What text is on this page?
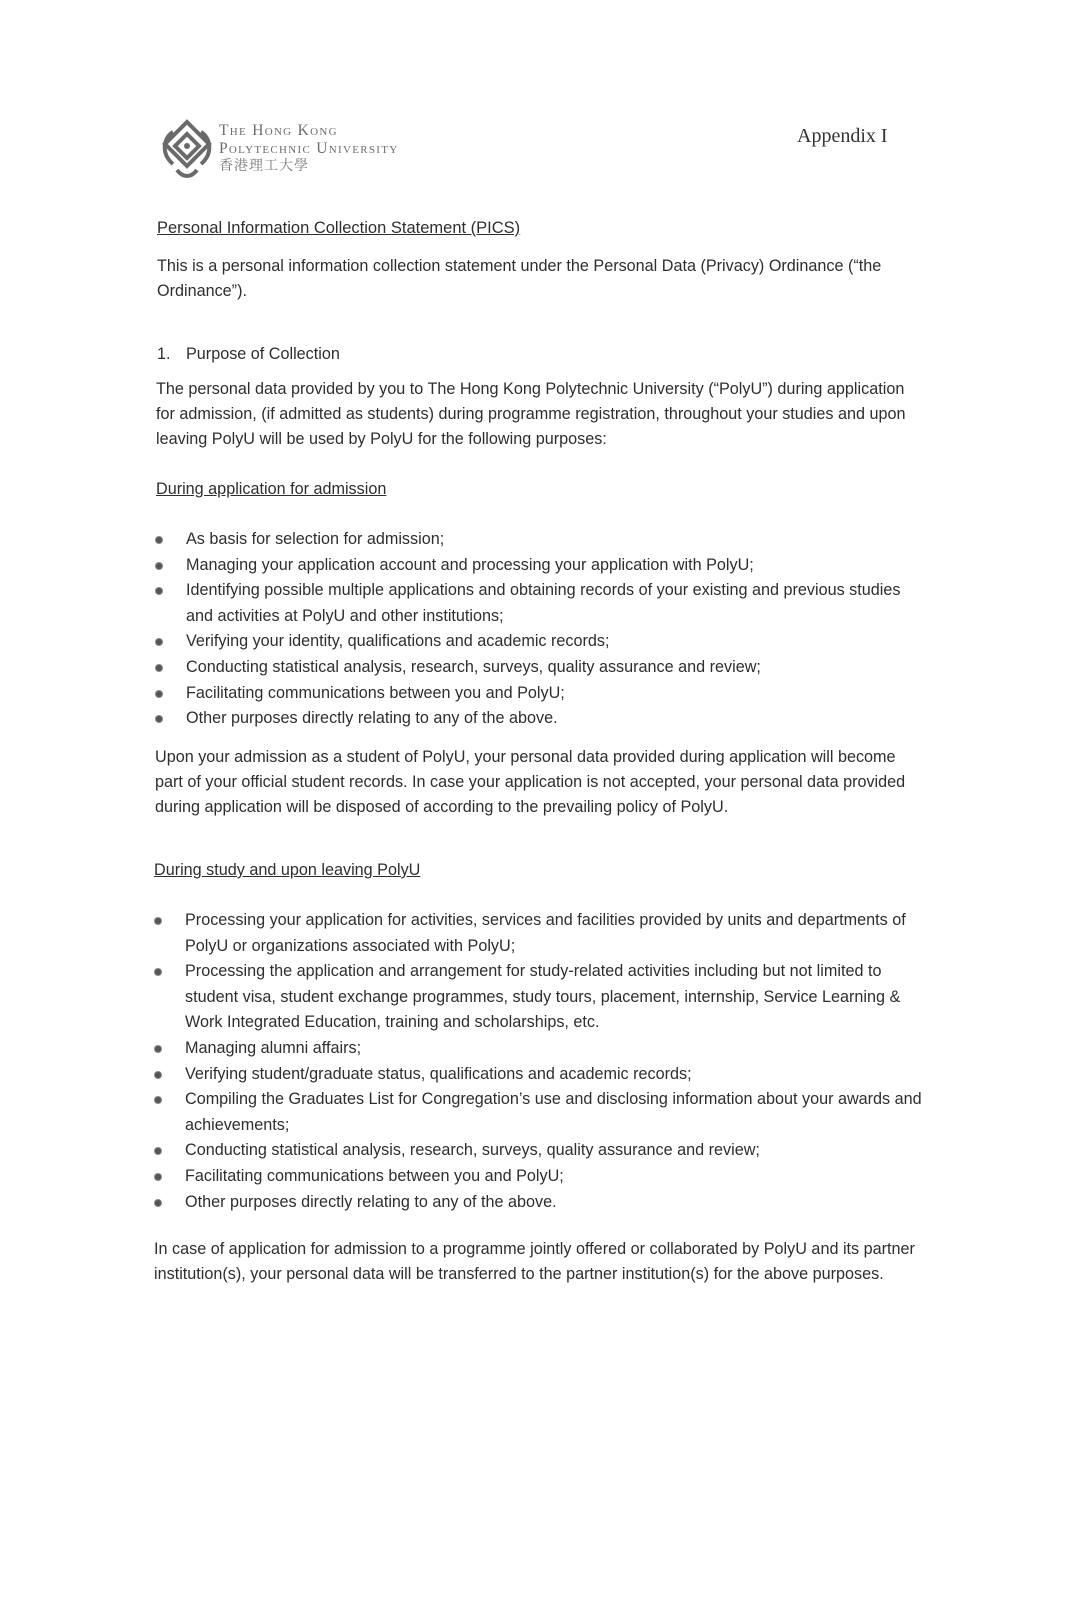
The Hong Kong
Polytechnic University
香港理工大學
Appendix I
Personal Information Collection Statement (PICS)
This is a personal information collection statement under the Personal Data (Privacy) Ordinance (“the Ordinance”).
1. Purpose of Collection
The personal data provided by you to The Hong Kong Polytechnic University (“PolyU”) during application for admission, (if admitted as students) during programme registration, throughout your studies and upon leaving PolyU will be used by PolyU for the following purposes:
During application for admission
As basis for selection for admission;
Managing your application account and processing your application with PolyU;
Identifying possible multiple applications and obtaining records of your existing and previous studies and activities at PolyU and other institutions;
Verifying your identity, qualifications and academic records;
Conducting statistical analysis, research, surveys, quality assurance and review;
Facilitating communications between you and PolyU;
Other purposes directly relating to any of the above.
Upon your admission as a student of PolyU, your personal data provided during application will become part of your official student records. In case your application is not accepted, your personal data provided during application will be disposed of according to the prevailing policy of PolyU.
During study and upon leaving PolyU
Processing your application for activities, services and facilities provided by units and departments of PolyU or organizations associated with PolyU;
Processing the application and arrangement for study-related activities including but not limited to student visa, student exchange programmes, study tours, placement, internship, Service Learning & Work Integrated Education, training and scholarships, etc.
Managing alumni affairs;
Verifying student/graduate status, qualifications and academic records;
Compiling the Graduates List for Congregation’s use and disclosing information about your awards and achievements;
Conducting statistical analysis, research, surveys, quality assurance and review;
Facilitating communications between you and PolyU;
Other purposes directly relating to any of the above.
In case of application for admission to a programme jointly offered or collaborated by PolyU and its partner institution(s), your personal data will be transferred to the partner institution(s) for the above purposes.
